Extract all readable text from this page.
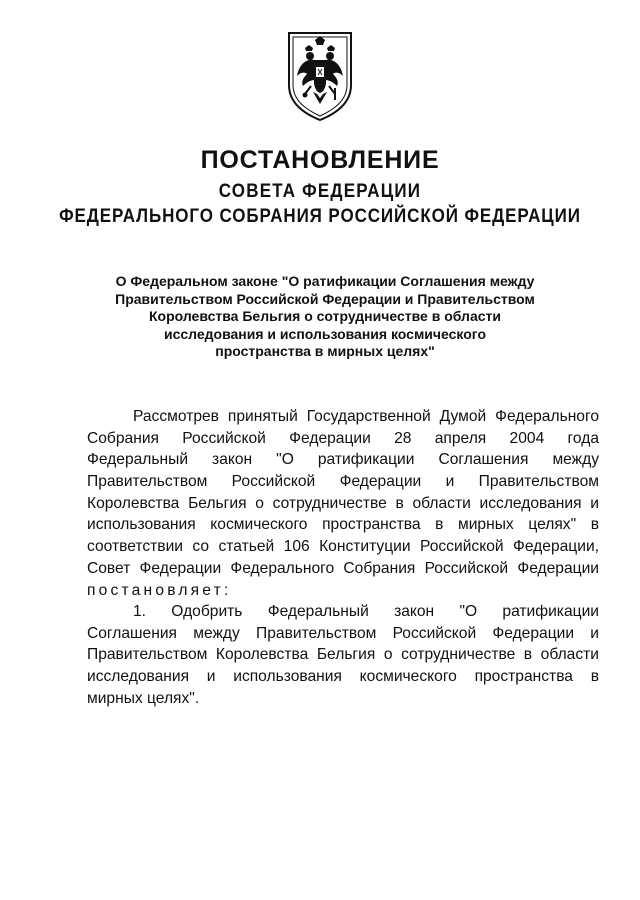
ПОСТАНОВЛЕНИЕ
СОВЕТА ФЕДЕРАЦИИ
ФЕДЕРАЛЬНОГО СОБРАНИЯ РОССИЙСКОЙ ФЕДЕРАЦИИ
О Федеральном законе "О ратификации Соглашения между
Правительством Российской Федерации и Правительством
Королевства Бельгия о сотрудничестве в области
исследования и использования космического
пространства в мирных целях"
Рассмотрев принятый Государственной Думой Федерального
Собрания Российской Федерации 28 апреля 2004 года
Федеральный закон "О ратификации Соглашения между
Правительством Российской Федерации и Правительством
Королевства Бельгия о сотрудничестве в области исследования и
использования космического пространства в мирных целях" в
соответствии со статьей 106 Конституции Российской Федерации,
Совет Федерации Федерального Собрания Российской Федерации
постановляет:
1. Одобрить Федеральный закон "О ратификации
Соглашения между Правительством Российской Федерации и
Правительством Королевства Бельгия о сотрудничестве в области
исследования и использования космического пространства в
мирных целях".
